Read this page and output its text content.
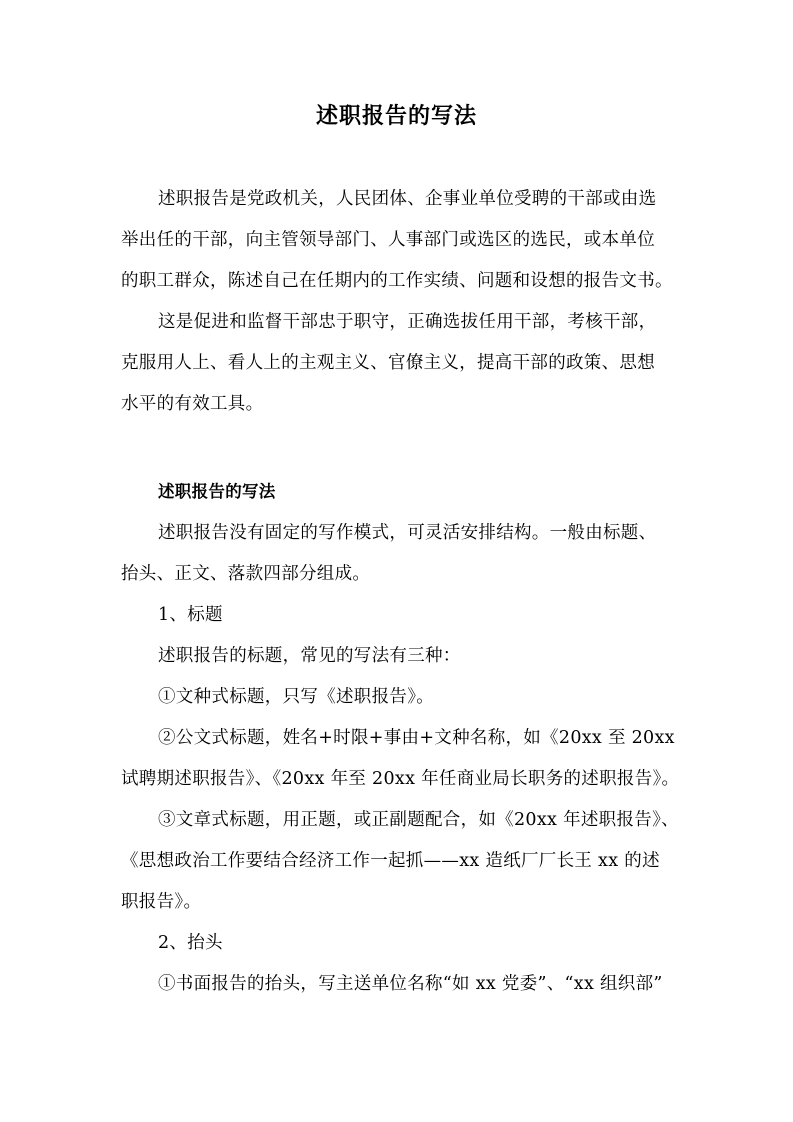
述职报告的写法
述职报告是党政机关，人民团体、企事业单位受聘的干部或由选
举出任的干部，向主管领导部门、人事部门或选区的选民，或本单位
的职工群众，陈述自己在任期内的工作实绩、问题和设想的报告文书。
这是促进和监督干部忠于职守，正确选拔任用干部，考核干部，
克服用人上、看人上的主观主义、官僚主义，提高干部的政策、思想
水平的有效工具。
述职报告的写法
述职报告没有固定的写作模式，可灵活安排结构。一般由标题、
抬头、正文、落款四部分组成。
1、标题
述职报告的标题，常见的写法有三种：
①文种式标题，只写《述职报告》。
②公文式标题，姓名+时限+事由+文种名称，如《20xx 至 20xx
试聘期述职报告》、《20xx 年至 20xx 年任商业局长职务的述职报告》。
③文章式标题，用正题，或正副题配合，如《20xx 年述职报告》、
《思想政治工作要结合经济工作一起抓——xx 造纸厂厂长王 xx 的述
职报告》。
2、抬头
①书面报告的抬头，写主送单位名称“如 xx 党委”、“xx 组织部”
